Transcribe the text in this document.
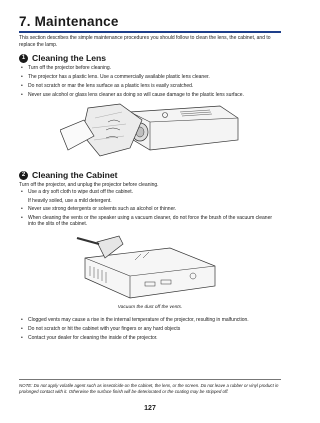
7. Maintenance
This section describes the simple maintenance procedures you should follow to clean the lens, the cabinet, and to replace the lamp.
1 Cleaning the Lens
• Turn off the projector before cleaning.
• The projector has a plastic lens. Use a commercially available plastic lens cleaner.
• Do not scratch or mar the lens surface as a plastic lens is easily scratched.
• Never use alcohol or glass lens cleaner as doing so will cause damage to the plastic lens surface.
2 Cleaning the Cabinet
Turn off the projector, and unplug the projector before cleaning.
• Use a dry soft cloth to wipe dust off the cabinet.
If heavily soiled, use a mild detergent.
• Never use strong detergents or solvents such as alcohol or thinner.
• When cleaning the vents or the speaker using a vacuum cleaner, do not force the brush of the vacuum cleaner into the slits of the cabinet.
Vacuum the dust off the vents.
• Clogged vents may cause a rise in the internal temperature of the projector, resulting in malfunction.
• Do not scratch or hit the cabinet with your fingers or any hard objects
• Contact your dealer for cleaning the inside of the projector.
NOTE: Do not apply volatile agent such as insecticide on the cabinet, the lens, or the screen. Do not leave a rubber or vinyl product in prolonged contact with it. Otherwise the surface finish will be deteriorated or the coating may be stripped off.
127
